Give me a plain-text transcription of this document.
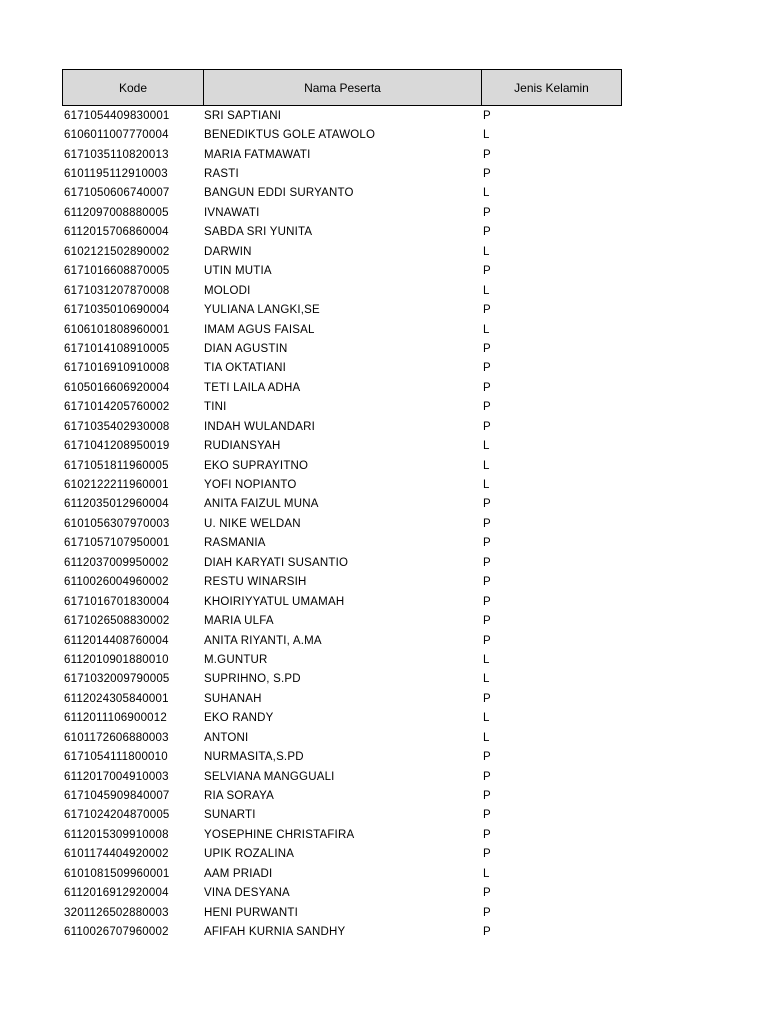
Kode	Nama Peserta	Jenis Kelamin
6171054409830001	SRI SAPTIANI	P
6106011007770004	BENEDIKTUS GOLE ATAWOLO	L
6171035110820013	MARIA FATMAWATI	P
6101195112910003	RASTI	P
6171050606740007	BANGUN EDDI SURYANTO	L
6112097008880005	IVNAWATI	P
6112015706860004	SABDA SRI YUNITA	P
6102121502890002	DARWIN	L
6171016608870005	UTIN MUTIA	P
6171031207870008	MOLODI	L
6171035010690004	YULIANA LANGKI,SE	P
6106101808960001	IMAM AGUS FAISAL	L
6171014108910005	DIAN AGUSTIN	P
6171016910910008	TIA OKTATIANI	P
6105016606920004	TETI LAILA ADHA	P
6171014205760002	TINI	P
6171035402930008	INDAH WULANDARI	P
6171041208950019	RUDIANSYAH	L
6171051811960005	EKO SUPRAYITNO	L
6102122211960001	YOFI NOPIANTO	L
6112035012960004	ANITA FAIZUL MUNA	P
6101056307970003	U. NIKE WELDAN	P
6171057107950001	RASMANIA	P
6112037009950002	DIAH KARYATI SUSANTIO	P
6110026004960002	RESTU WINARSIH	P
6171016701830004	KHOIRIYYATUL UMAMAH	P
6171026508830002	MARIA ULFA	P
6112014408760004	ANITA RIYANTI, A.MA	P
6112010901880010	M.GUNTUR	L
6171032009790005	SUPRIHNO, S.PD	L
6112024305840001	SUHANAH	P
6112011106900012	EKO RANDY	L
6101172606880003	ANTONI	L
6171054111800010	NURMASITA,S.PD	P
6112017004910003	SELVIANA MANGGUALI	P
6171045909840007	RIA SORAYA	P
6171024204870005	SUNARTI	P
6112015309910008	YOSEPHINE CHRISTAFIRA	P
6101174404920002	UPIK ROZALINA	P
6101081509960001	AAM PRIADI	L
6112016912920004	VINA DESYANA	P
3201126502880003	HENI PURWANTI	P
6110026707960002	AFIFAH KURNIA SANDHY	P
